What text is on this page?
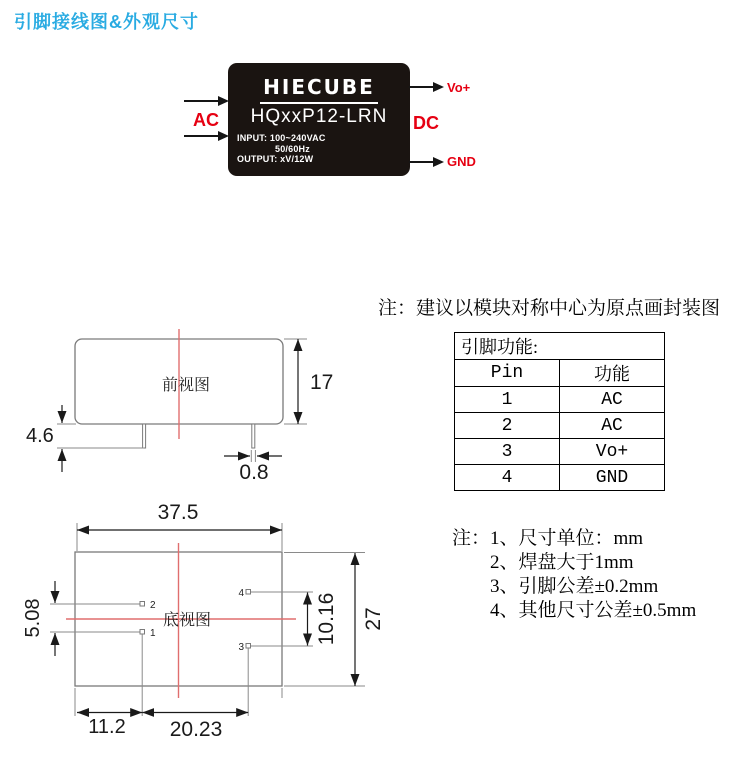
引脚接线图&外观尺寸
HIECUBE
HQxxP12-LRN
INPUT: 100~240VAC
50/60Hz
OUTPUT: xV/12W
AC
Vo+
DC
GND
前视图	17
4.6
0.8
底视图
2
1
4
3
37.5
5.08	10.16 27
11.2 20.23
注：建议以模块对称中心为原点画封装图
引脚功能:	
Pin	功能
1	AC
2	AC
3	Vo+
4	GND
注： 1、尺寸单位：mm
2、焊盘大于1mm
3、引脚公差±0.2mm
4、其他尺寸公差±0.5mm
